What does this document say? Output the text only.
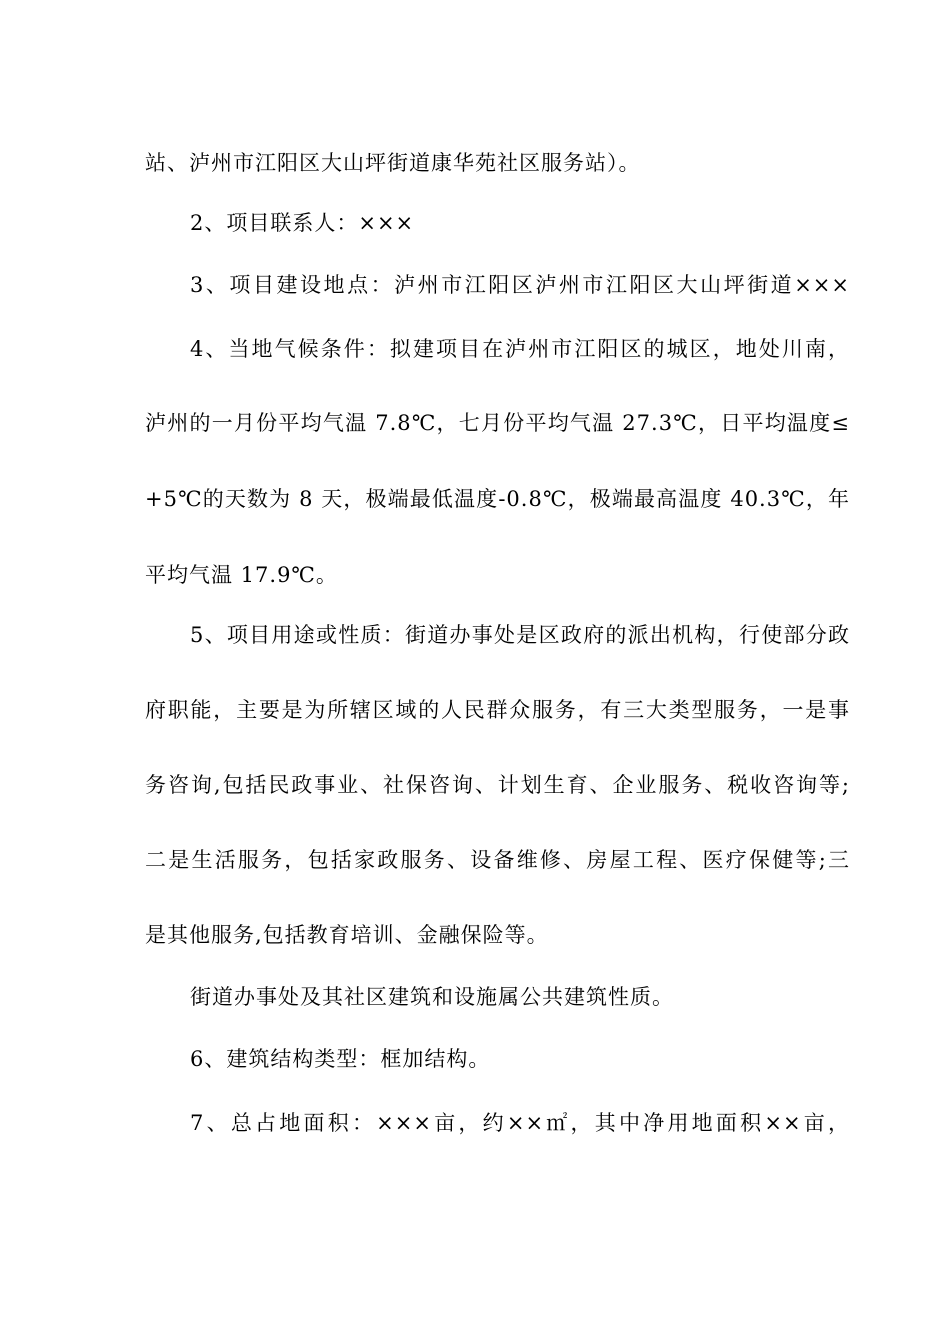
站、泸州市江阳区大山坪街道康华苑社区服务站）。
2、项目联系人：×××
3、项目建设地点：泸州市江阳区泸州市江阳区大山坪街道×××
4、当地气候条件：拟建项目在泸州市江阳区的城区，地处川南，
泸州的一月份平均气温 7.8℃，七月份平均气温 27.3℃，日平均温度≤
+5℃的天数为 8 天，极端最低温度-0.8℃，极端最高温度 40.3℃，年
平均气温 17.9℃。
5、项目用途或性质：街道办事处是区政府的派出机构，行使部分政
府职能，主要是为所辖区域的人民群众服务，有三大类型服务，一是事
务咨询,包括民政事业、社保咨询、计划生育、企业服务、税收咨询等;
二是生活服务，包括家政服务、设备维修、房屋工程、医疗保健等;三
是其他服务,包括教育培训、金融保险等。
街道办事处及其社区建筑和设施属公共建筑性质。
6、建筑结构类型：框加结构。
7、总占地面积：×××亩，约××㎡，其中净用地面积××亩，
